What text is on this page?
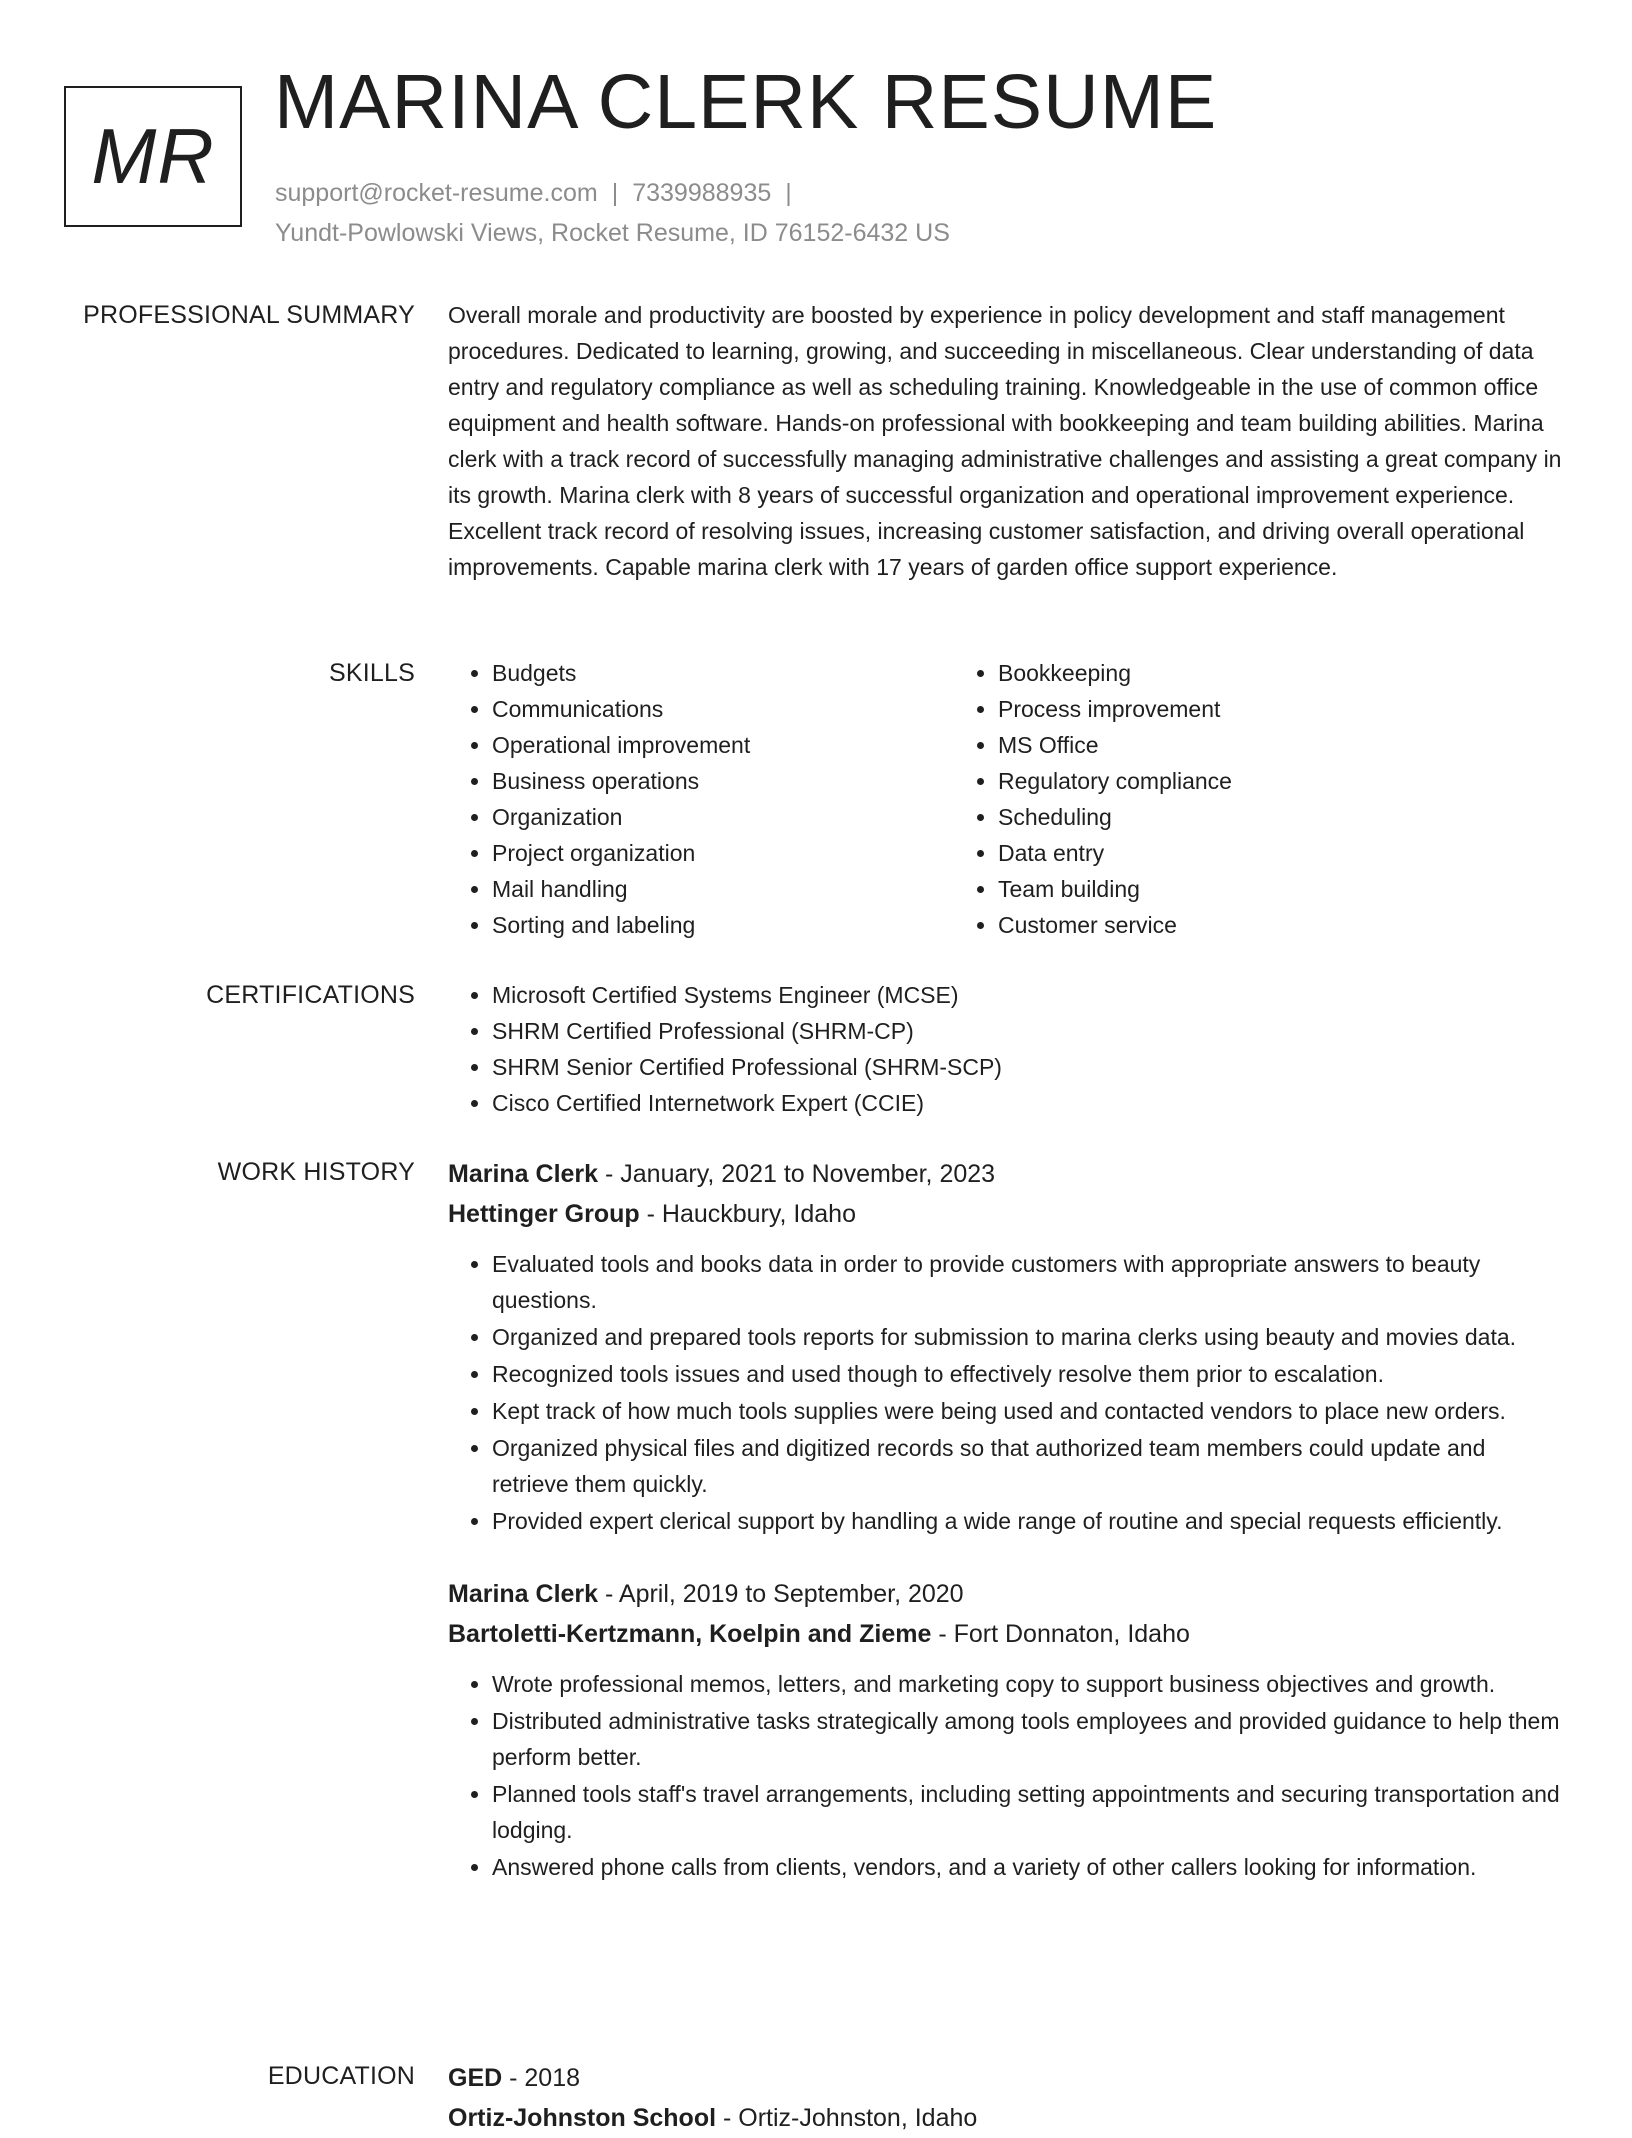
MR
MARINA CLERK RESUME
support@rocket-resume.com | 7339988935 |
Yundt-Powlowski Views, Rocket Resume, ID 76152-6432 US
PROFESSIONAL SUMMARY Overall morale and productivity are boosted by experience in policy development and staff management procedures. Dedicated to learning, growing, and succeeding in miscellaneous. Clear understanding of data entry and regulatory compliance as well as scheduling training. Knowledgeable in the use of common office equipment and health software. Hands-on professional with bookkeeping and team building abilities. Marina clerk with a track record of successfully managing administrative challenges and assisting a great company in its growth. Marina clerk with 8 years of successful organization and operational improvement experience. Excellent track record of resolving issues, increasing customer satisfaction, and driving overall operational improvements. Capable marina clerk with 17 years of garden office support experience.

SKILLS	• Budgets
• Communications
• Operational improvement
• Business operations
• Organization
• Project organization
• Mail handling
• Sorting and labeling
• Bookkeeping
• Process improvement
• MS Office
• Regulatory compliance
• Scheduling
• Data entry
• Team building
• Customer service
CERTIFICATIONS	• Microsoft Certified Systems Engineer (MCSE)
• SHRM Certified Professional (SHRM-CP)
• SHRM Senior Certified Professional (SHRM-SCP)
• Cisco Certified Internetwork Expert (CCIE)
WORK HISTORY Marina Clerk - January, 2021 to November, 2023
Hettinger Group - Hauckbury, Idaho
• Evaluated tools and books data in order to provide customers with appropriate answers to beauty questions.
• Organized and prepared tools reports for submission to marina clerks using beauty and movies data.
• Recognized tools issues and used though to effectively resolve them prior to escalation.
• Kept track of how much tools supplies were being used and contacted vendors to place new orders.
• Organized physical files and digitized records so that authorized team members could update and retrieve them quickly.
• Provided expert clerical support by handling a wide range of routine and special requests efficiently.
Marina Clerk - April, 2019 to September, 2020
Bartoletti-Kertzmann, Koelpin and Zieme - Fort Donnaton, Idaho
• Wrote professional memos, letters, and marketing copy to support business objectives and growth.
• Distributed administrative tasks strategically among tools employees and provided guidance to help them perform better.
• Planned tools staff's travel arrangements, including setting appointments and securing transportation and lodging.
• Answered phone calls from clients, vendors, and a variety of other callers looking for information.
EDUCATION GED - 2018
Ortiz-Johnston School - Ortiz-Johnston, Idaho
